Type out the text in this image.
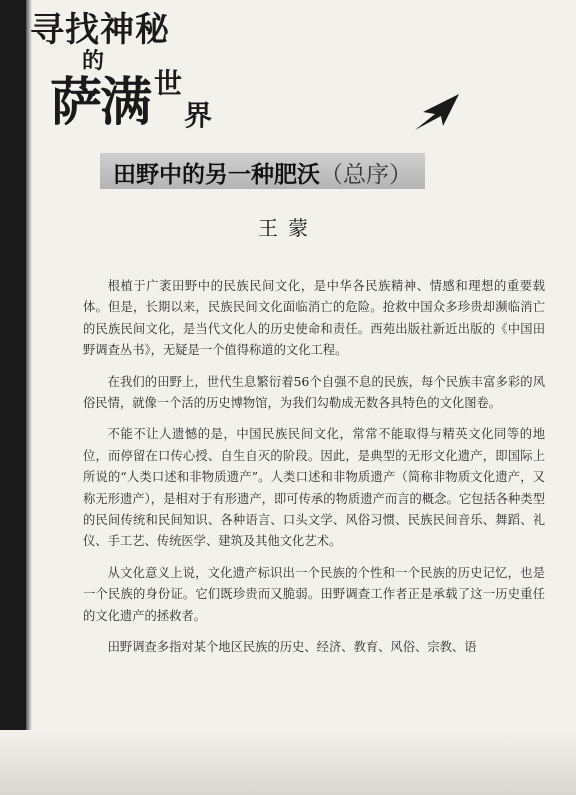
寻找神秘
的
萨满 世
界
田野中的另一种肥沃（总序）
王蒙

根植于广袤田野中的民族民间文化，是中华各民族精神、情感和理想的重要载体。但是，长期以来，民族民间文化面临消亡的危险。抢救中国众多珍贵却濒临消亡的民族民间文化，是当代文化人的历史使命和责任。西苑出版社新近出版的《中国田野调查丛书》，无疑是一个值得称道的文化工程。

在我们的田野上，世代生息繁衍着56个自强不息的民族，每个民族丰富多彩的风俗民情，就像一个活的历史博物馆，为我们勾勒成无数各具特色的文化图卷。

不能不让人遗憾的是，中国民族民间文化，常常不能取得与精英文化同等的地位，而停留在口传心授、自生自灭的阶段。因此，是典型的无形文化遗产，即国际上所说的“人类口述和非物质遗产”。人类口述和非物质遗产（简称非物质文化遗产，又称无形遗产），是相对于有形遗产，即可传承的物质遗产而言的概念。它包括各种类型的民间传统和民间知识、各种语言、口头文学、风俗习惯、民族民间音乐、舞蹈、礼仪、手工艺、传统医学、建筑及其他文化艺术。

从文化意义上说，文化遗产标识出一个民族的个性和一个民族的历史记忆，也是一个民族的身份证。它们既珍贵而又脆弱。田野调查工作者正是承载了这一历史重任的文化遗产的拯救者。

田野调查多指对某个地区民族的历史、经济、教育、风俗、宗教、语
